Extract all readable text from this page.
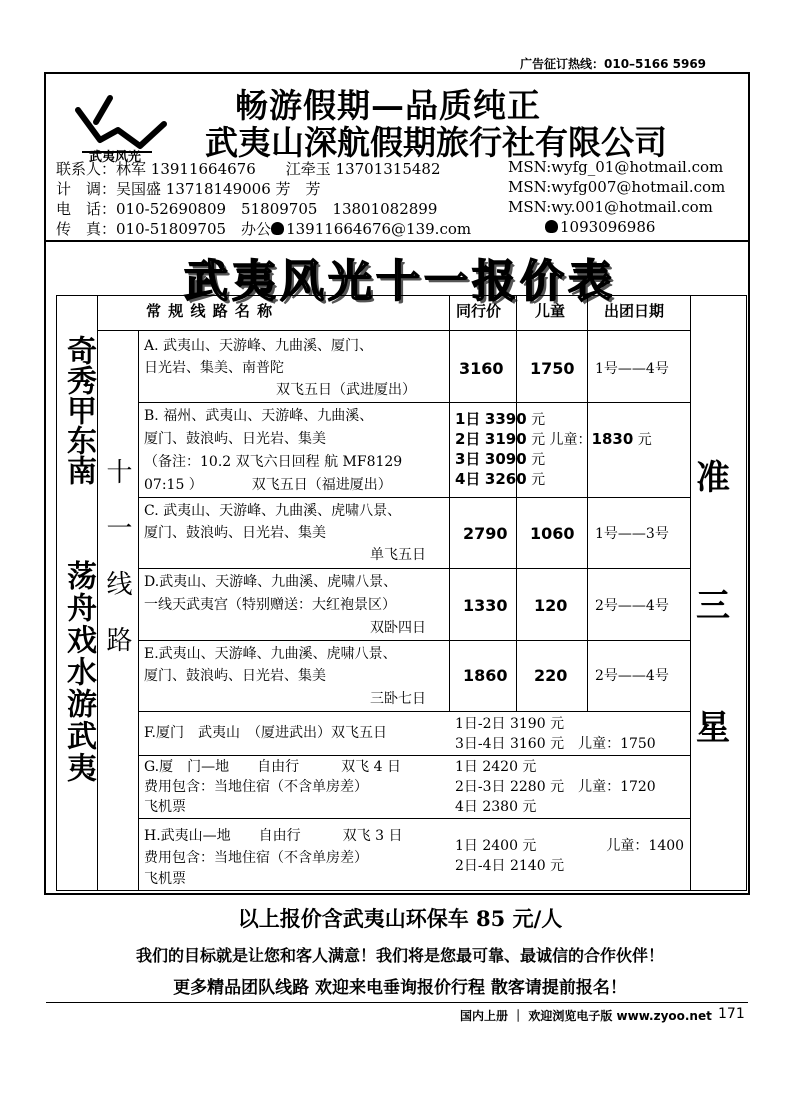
广告征订热线：010–5166 5969
武夷风光
畅游假期—品质纯正
武夷山深航假期旅行社有限公司
联系人：林军 13911664676　　江牵玉 13701315482	MSN:wyfg_01@hotmail.com
计　调：吴国盛 13718149006 芳　芳	MSN:wyfg007@hotmail.com
电　话：010-52690809　51809705　13801082899	MSN:wy.001@hotmail.com
传　真：010-51809705　办公 13911664676@139.com	1093096986
武夷风光十一报价表
奇秀甲东南
荡舟戏水游武夷 十一线路	准
三
星
常 规 线 路 名 称	同行价 儿童	出团日期
A. 武夷山、天游峰、九曲溪、厦门、
日光岩、集美、南普陀
双飞五日（武进厦出）
3160 1750 1号——4号
B. 福州、武夷山、天游峰、九曲溪、
厦门、鼓浪屿、日光岩、集美
（备注：10.2 双飞六日回程 航 MF8129
07:15 ）　　　　双飞五日（福进厦出）
1日 3390 元
2日 3190 元 儿童：1830 元
3日 3090 元
4日 3260 元
C. 武夷山、天游峰、九曲溪、虎啸八景、
厦门、鼓浪屿、日光岩、集美
单飞五日
2790 1060 1号——3号
D.武夷山、天游峰、九曲溪、虎啸八景、
一线天武夷宫（特别赠送：大红袍景区）
双卧四日
1330 120 2号——4号
E.武夷山、天游峰、九曲溪、虎啸八景、
厦门、鼓浪屿、日光岩、集美
三卧七日
1860 220 2号——4号
F.厦门　武夷山　（厦进武出）双飞五日
1日-2日 3190 元
3日-4日 3160 元　儿童：1750
G.厦　门—地　　自由行　　　双飞 4 日
费用包含：当地住宿（不含单房差）
飞机票
1日 2420 元
2日-3日 2280 元　儿童：1720
4日 2380 元
H.武夷山—地　　自由行　　　双飞 3 日
费用包含：当地住宿（不含单房差）
飞机票
1日 2400 元　　　　　儿童：1400
2日-4日 2140 元
以上报价含武夷山环保车 85 元/人
我们的目标就是让您和客人满意！我们将是您最可靠、最诚信的合作伙伴！
更多精品团队线路 欢迎来电垂询报价行程 散客请提前报名！
国内上册 ｜ 欢迎浏览电子版 www.zyoo.net 171
